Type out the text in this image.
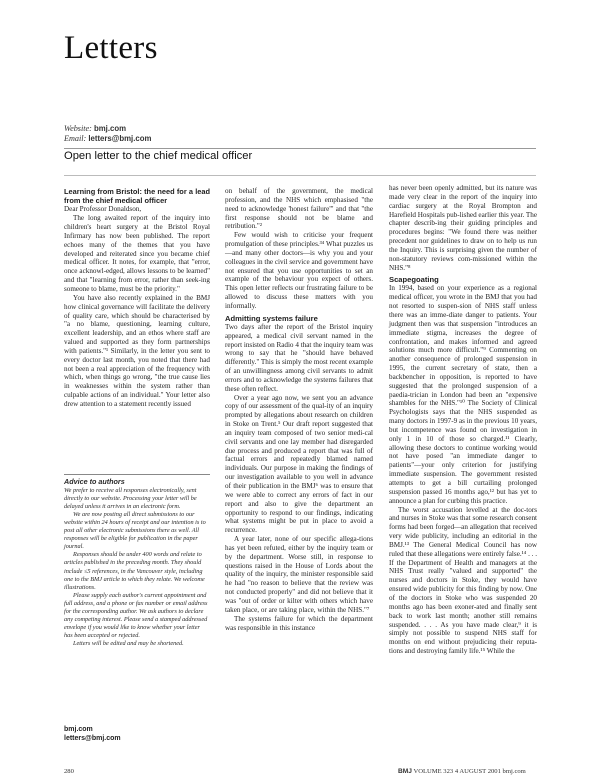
Letters
Website: bmj.com
Email: letters@bmj.com
Open letter to the chief medical officer
Learning from Bristol: the need for a lead from the chief medical officer

Dear Professor Donaldson,

The long awaited report of the inquiry into children's heart surgery at the Bristol Royal Infirmary has now been published. The report echoes many of the themes that you have developed and reiterated since you became chief medical officer. It notes, for example, that "error, once acknowl-edged, allows lessons to be learned" and that "learning from error, rather than seek-ing someone to blame, must be the priority."

You have also recently explained in the BMJ how clinical governance will facilitate the delivery of quality care, which should be characterised by "a no blame, questioning, learning culture, excellent leadership, and an ethos where staff are valued and supported as they form partnerships with patients."¹ Similarly, in the letter you sent to every doctor last month, you noted that there had not been a real appreciation of the frequency with which, when things go wrong, "the true cause lies in weaknesses within the system rather than culpable actions of an individual." Your letter also drew attention to a statement recently issued

Advice to authors

We prefer to receive all responses electronically, sent directly to our website. Processing your letter will be delayed unless it arrives in an electronic form.

We are now posting all direct submissions to our website within 24 hours of receipt and our intention is to post all other electronic submissions there as well. All responses will be eligible for publication in the paper journal.

Responses should be under 400 words and relate to articles published in the preceding month. They should include ≤5 references, in the Vancouver style, including one to the BMJ article to which they relate. We welcome illustrations.

Please supply each author's current appointment and full address, and a phone or fax number or email address for the corresponding author. We ask authors to declare any competing interest. Please send a stamped addressed envelope if you would like to know whether your letter has been accepted or rejected.

Letters will be edited and may be shortened.

bmj.com
letters@bmj.com

on behalf of the government, the medical profession, and the NHS which emphasised "the need to acknowledge 'honest failure'" and that "the first response should not be blame and retribution."²

Few would wish to criticise your frequent promulgation of these principles.³⁴ What puzzles us—and many other doctors—is why you and your colleagues in the civil service and government have not ensured that you use opportunities to set an example of the behaviour you expect of others. This open letter reflects our frustrating failure to be allowed to discuss these matters with you informally.

Admitting systems failure

Two days after the report of the Bristol inquiry appeared, a medical civil servant named in the report insisted on Radio 4 that the inquiry team was wrong to say that he "should have behaved differently." This is simply the most recent example of an unwillingness among civil servants to admit errors and to acknowledge the systems failures that these often reflect.

Over a year ago now, we sent you an advance copy of our assessment of the qual-ity of an inquiry prompted by allegations about research on children in Stoke on Trent.⁵ Our draft report suggested that an inquiry team composed of two senior medi-cal civil servants and one lay member had disregarded due process and produced a report that was full of factual errors and repeatedly blamed named individuals. Our purpose in making the findings of our investigation available to you well in advance of their publication in the BMJ⁶ was to ensure that we were able to correct any errors of fact in our report and also to give the department an opportunity to respond to our findings, indicating what systems might be put in place to avoid a recurrence.

A year later, none of our specific allega-tions has yet been refuted, either by the inquiry team or by the department. Worse still, in response to questions raised in the House of Lords about the quality of the inquiry, the minister responsible said he had "no reason to believe that the review was not conducted properly" and did not believe that it was "out of order or kilter with others which have taken place, or are taking place, within the NHS."⁷

The systems failure for which the department was responsible in this instance

has never been openly admitted, but its nature was made very clear in the report of the inquiry into cardiac surgery at the Royal Brompton and Harefield Hospitals pub-lished earlier this year. The chapter describ-ing their guiding principles and procedures begins: "We found there was neither precedent nor guidelines to draw on to help us run the Inquiry. This is surprising given the number of non-statutory reviews com-missioned within the NHS."⁸

Scapegoating

In 1994, based on your experience as a regional medical officer, you wrote in the BMJ that you had not resorted to suspen-sion of NHS staff unless there was an imme-diate danger to patients. Your judgment then was that suspension "introduces an immediate stigma, increases the degree of confrontation, and makes informed and agreed solutions much more difficult."⁹ Commenting on another consequence of prolonged suspension in 1995, the current secretary of state, then a backbencher in opposition, is reported to have suggested that the prolonged suspension of a paedia-trician in London had been an "expensive shambles for the NHS."¹⁰ The Society of Clinical Psychologists says that the NHS suspended as many doctors in 1997-9 as in the previous 10 years, but incompetence was found on investigation in only 1 in 10 of those so charged.¹¹ Clearly, allowing these doctors to continue working would not have posed "an immediate danger to patients"—your only criterion for justifying immediate suspension. The government resisted attempts to get a bill curtailing prolonged suspension passed 16 months ago,¹² but has yet to announce a plan for curbing this practice.

The worst accusation levelled at the doc-tors and nurses in Stoke was that some research consent forms had been forged—an allegation that received very wide publicity, including an editorial in the BMJ.¹³ The General Medical Council has now ruled that these allegations were entirely false.¹⁴ . . . If the Department of Health and managers at the NHS Trust really "valued and supported" the nurses and doctors in Stoke, they would have ensured wide publicity for this finding by now. One of the doctors in Stoke who was suspended 20 months ago has been exoner-ated and finally sent back to work last month; another still remains suspended. . . . As you have made clear,⁹ it is simply not possible to suspend NHS staff for months on end without prejudicing their reputa-tions and destroying family life.¹⁵ While the

280	BMJ VOLUME 323 4 AUGUST 2001 bmj.com
